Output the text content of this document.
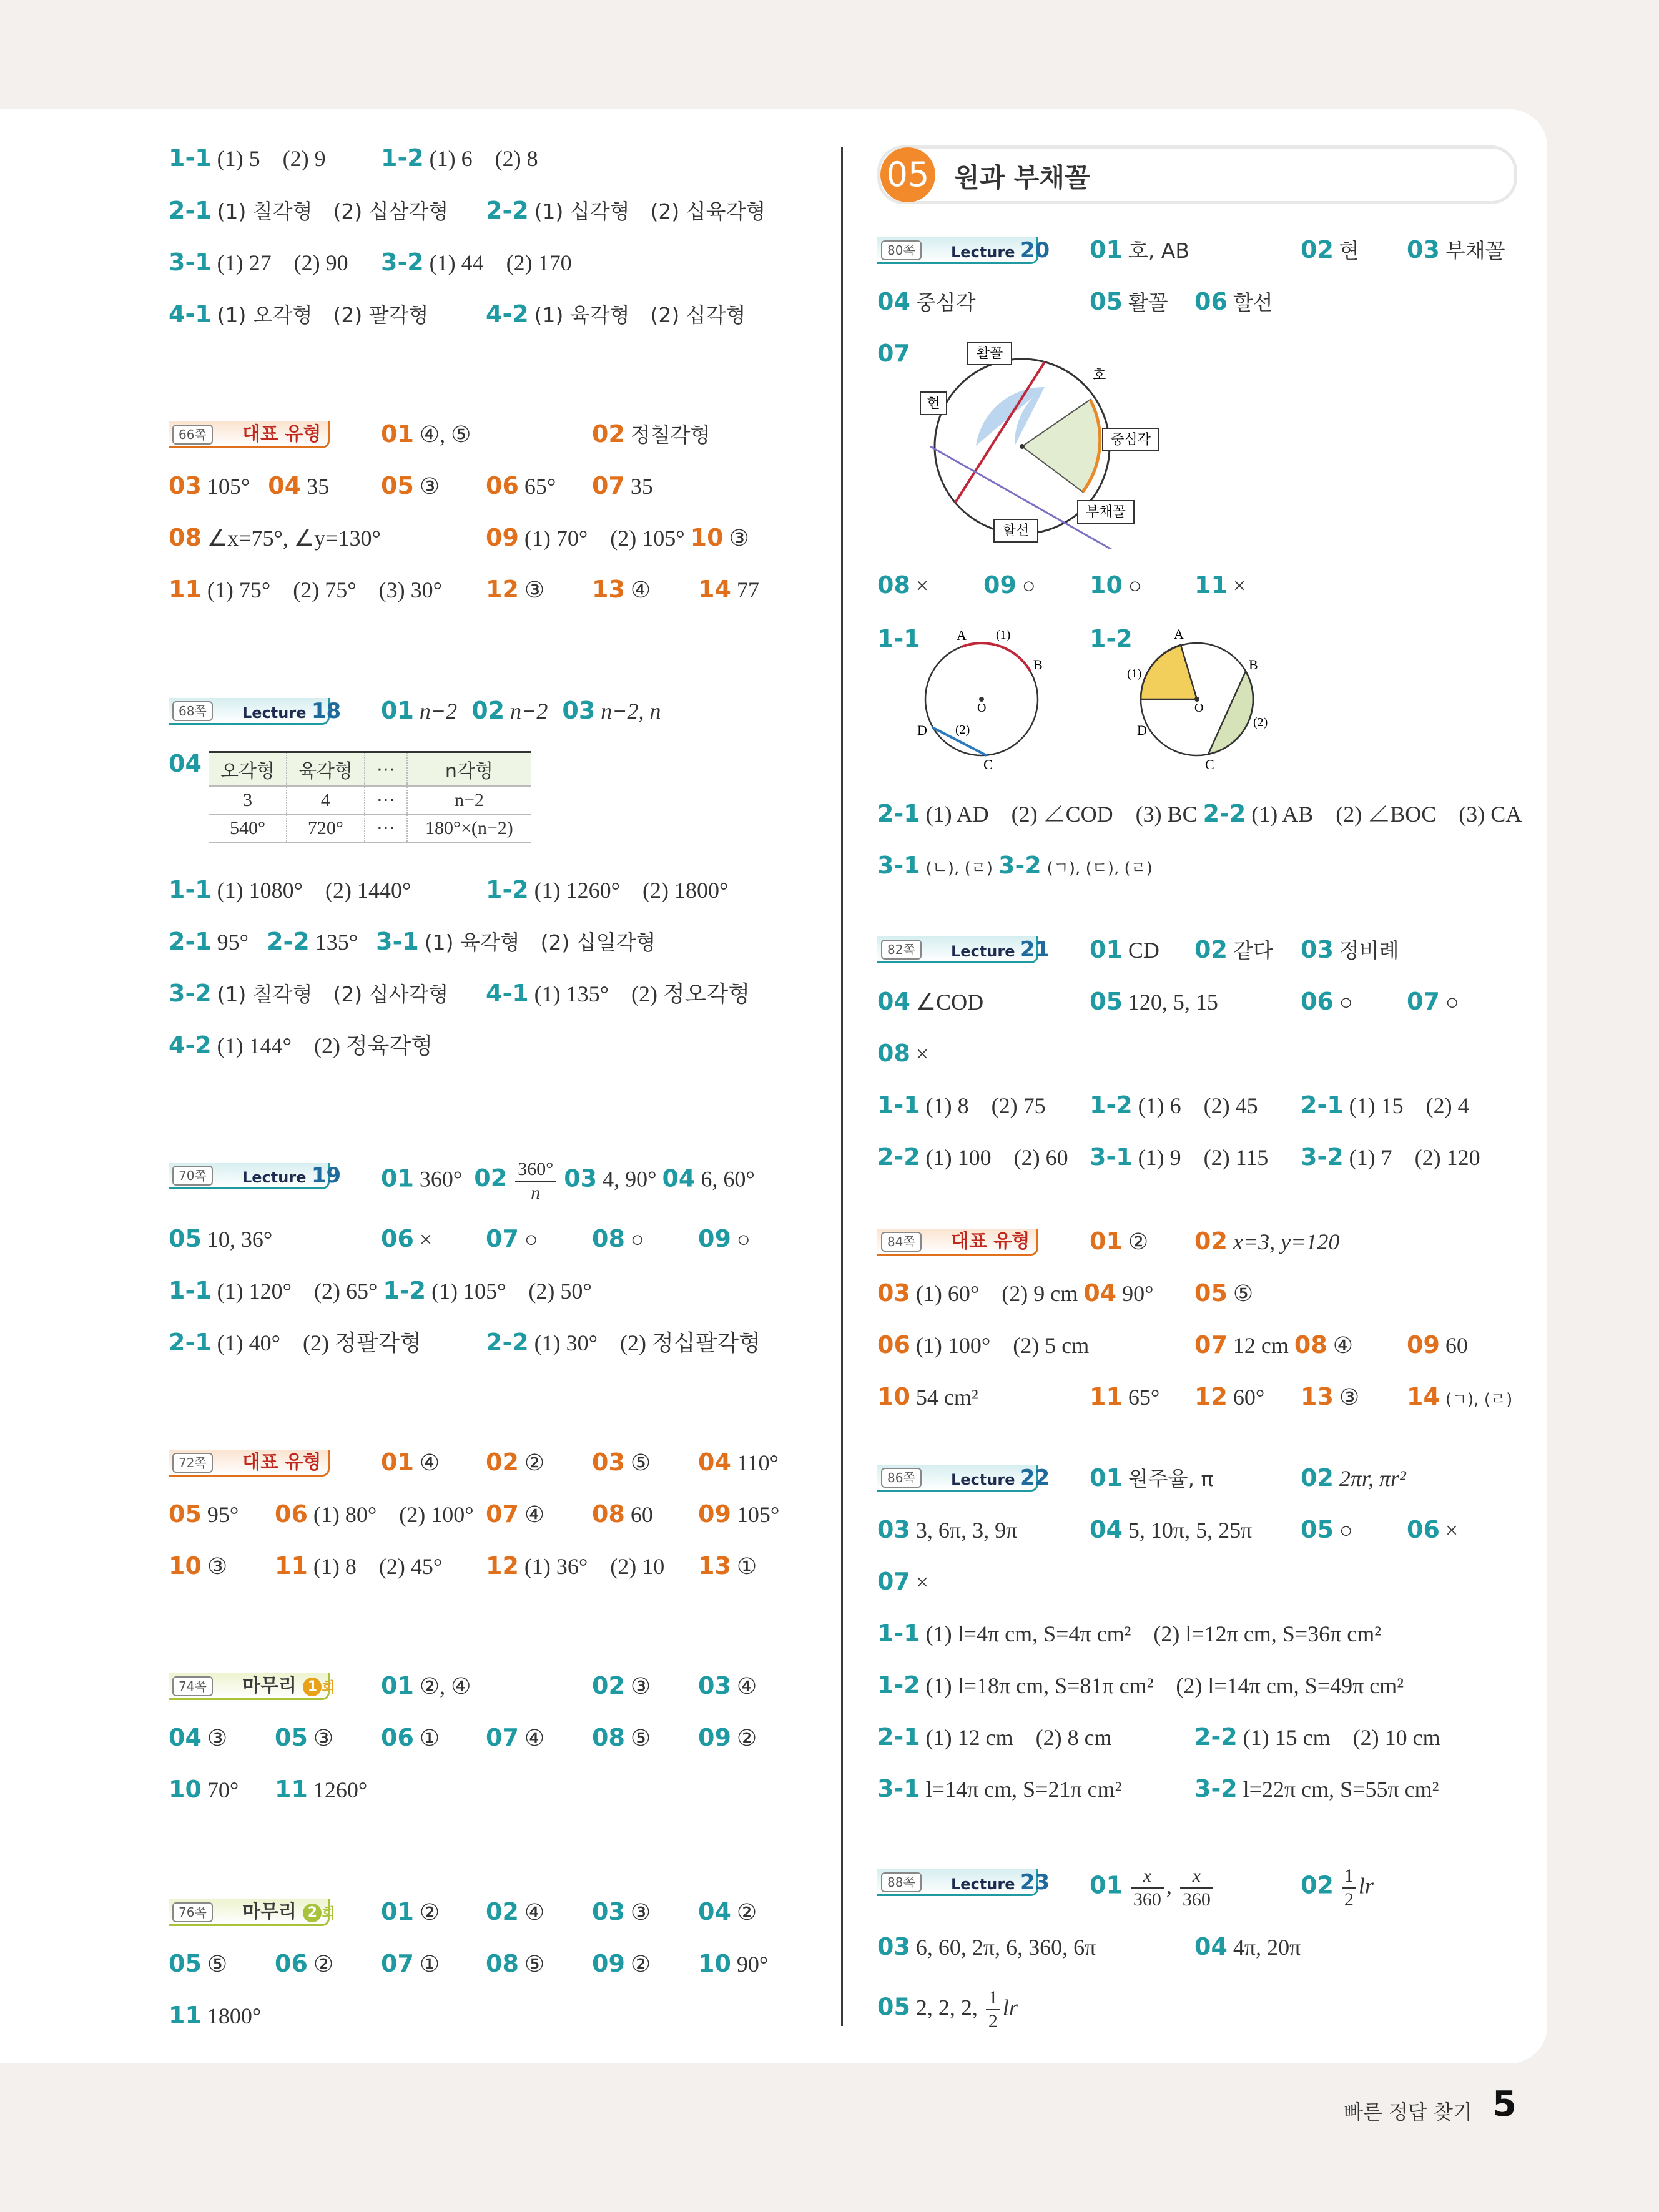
1-1 (1) 5　(2) 9 1-2 (1) 6　(2) 8
2-1 (1) 칠각형　(2) 십삼각형 2-2 (1) 십각형　(2) 십육각형
3-1 (1) 27　(2) 90 3-2 (1) 44　(2) 170
4-1 (1) 오각형　(2) 팔각형 4-2 (1) 육각형　(2) 십각형
66쪽	대표 유형	01 ④, ⑤	02 정칠각형
03 105° 04 35 05 ③ 06 65° 07 35
08 ∠x=75°, ∠y=130°	09 (1) 70°　(2) 105° 10 ③
11 (1) 75°　(2) 75°　(3) 30° 12 ③ 13 ④ 14 77
68쪽	Lecture 18 01 n−2 02 n−2 03 n−2, n
04 오각형	육각형	⋯	n각형
3	4	⋯	n−2
540°	720°	⋯	180°×(n−2)
1-1 (1) 1080°　(2) 1440°	1-2 (1) 1260°　(2) 1800°
2-1 95° 2-2 135° 3-1 (1) 육각형　(2) 십일각형
3-2 (1) 칠각형　(2) 십사각형 4-1 (1) 135°　(2) 정오각형
4-2 (1) 144°　(2) 정육각형
70쪽	Lecture 19 01 360° $02 \frac{360^\circ}{n} 03$ 4, 90° 04 6, 60°
05 10, 36°	06 × 07 ○ 08 ○ 09 ○
1-1 (1) 120°　(2) 65° 1-2 (1) 105°　(2) 50°
2-1 (1) 40°　(2) 정팔각형	2-2 (1) 30°　(2) 정십팔각형
72쪽	대표 유형	01 ④ 02 ② 03 ⑤ 04 110°
05 95° 06 (1) 80°　(2) 100° 07 ④ 08 60 09 105°
10 ③ 11 (1) 8　(2) 45° 12 (1) 36°　(2) 10 13 ①
74쪽	마무리 1 회 01 ②, ④	02 ③ 03 ④
04 ③ 05 ③ 06 ① 07 ④ 08 ⑤ 09 ②
10 70° 11 1260°
76쪽	마무리 2 회 01 ② 02 ④ 03 ③ 04 ②
05 ⑤ 06 ② 07 ① 08 ⑤ 09 ② 10 90°
11 1800°
05 원과 부채꼴
80쪽	Lecture 20 01 호, AB	02 현 03 부채꼴
04 중심각	05 활꼴 06 할선
07	활꼴
호
현
중심각
부채꼴
할선
08 × 09 ○ 10 ○ 11 ×
1-1	A
B
C
D
O
(1)
(2)
1-2	A
B
C
D
O
(1)
(2)
2-1 (1) AD　(2) ∠COD　(3) BC 2-2 (1) AB　(2) ∠BOC　(3) CA
3-1 (ㄴ), (ㄹ) 3-2 (ㄱ), (ㄷ), (ㄹ)
82쪽	Lecture 21 01 CD 02 같다 03 정비례
04 ∠COD	05 120, 5, 15	06 ○ 07 ○
08 ×
1-1 (1) 8　(2) 75 1-2 (1) 6　(2) 45 2-1 (1) 15　(2) 4
2-2 (1) 100　(2) 60 3-1 (1) 9　(2) 115 3-2 (1) 7　(2) 120
84쪽	대표 유형	01 ② 02 x=3, y=120
03 (1) 60°　(2) 9 cm 04 90° 05 ⑤
06 (1) 100°　(2) 5 cm	07 12 cm 08 ④ 09 60
10 54 cm²	11 65° 12 60° 13 ③ 14 (ㄱ), (ㄹ)
86쪽	Lecture 22 01 원주율, π	02 2πr, πr²
03 3, 6π, 3, 9π	04 5, 10π, 5, 25π 05 ○ 06 ×
07 ×
1-1 (1) l=4π cm, S=4π cm²　(2) l=12π cm, S=36π cm²
1-2 (1) l=18π cm, S=81π cm²　(2) l=14π cm, S=49π cm²
2-1 (1) 12 cm　(2) 8 cm	2-2 (1) 15 cm　(2) 10 cm
3-1 l=14π cm, S=21π cm²	3-2 l=22π cm, S=55π cm²
88쪽	Lecture 23 $01 \frac{x}{360}$ , $\frac{x}{360}$	$02 \frac{1}{2}$ lr
03 6, 60, 2π, 6, 360, 6π	04 4π, 20π
05 2, 2, 2, $\frac{1}{2}$ lr
빠른 정답 찾기 5
